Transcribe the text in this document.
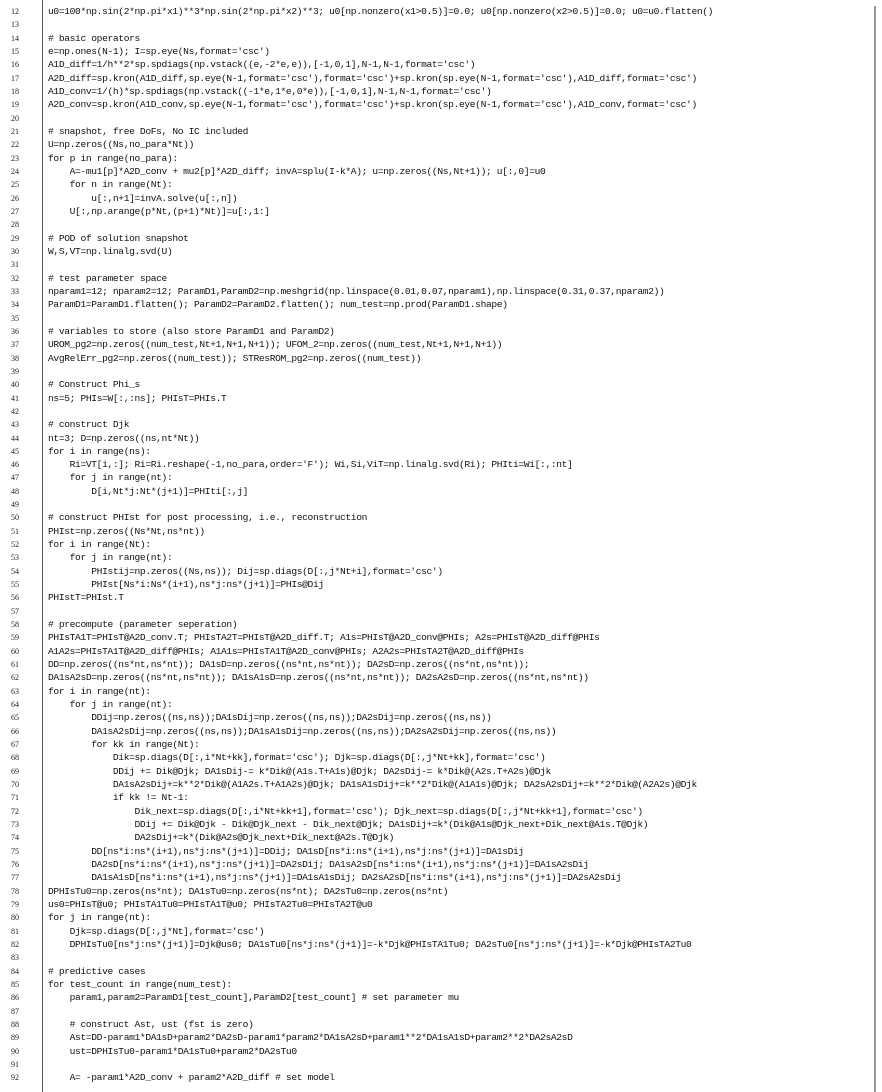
12	u0=100*np.sin(2*np.pi*x1)**3*np.sin(2*np.pi*x2)**3; u0[np.nonzero(x1>0.5)]=0.0; u0[np.nonzero(x2>0.5)]=0.0; u0=u0.flatten()
13
14	# basic operators
15	e=np.ones(N-1); I=sp.eye(Ns,format='csc')
16	A1D_diff=1/h**2*sp.spdiags(np.vstack((e,-2*e,e)),[-1,0,1],N-1,N-1,format='csc')
17	A2D_diff=sp.kron(A1D_diff,sp.eye(N-1,format='csc'),format='csc')+sp.kron(sp.eye(N-1,format='csc'),A1D_diff,format='csc')
18	A1D_conv=1/(h)*sp.spdiags(np.vstack((-1*e,1*e,0*e)),[-1,0,1],N-1,N-1,format='csc')
19	A2D_conv=sp.kron(A1D_conv,sp.eye(N-1,format='csc'),format='csc')+sp.kron(sp.eye(N-1,format='csc'),A1D_conv,format='csc')
20
21	# snapshot, free DoFs, No IC included
22	U=np.zeros((Ns,no_para*Nt))
23	for p in range(no_para):
24	A=-mu1[p]*A2D_conv + mu2[p]*A2D_diff; invA=splu(I-k*A); u=np.zeros((Ns,Nt+1)); u[:,0]=u0
25	for n in range(Nt):
26	u[:,n+1]=invA.solve(u[:,n])
27	U[:,np.arange(p*Nt,(p+1)*Nt)]=u[:,1:]
28
29	# POD of solution snapshot
30	W,S,VT=np.linalg.svd(U)
31
32	# test parameter space
33	nparam1=12; nparam2=12; ParamD1,ParamD2=np.meshgrid(np.linspace(0.01,0.07,nparam1),np.linspace(0.31,0.37,nparam2))
34	ParamD1=ParamD1.flatten(); ParamD2=ParamD2.flatten(); num_test=np.prod(ParamD1.shape)
35
36	# variables to store (also store ParamD1 and ParamD2)
37	UROM_pg2=np.zeros((num_test,Nt+1,N+1,N+1)); UFOM_2=np.zeros((num_test,Nt+1,N+1,N+1))
38	AvgRelErr_pg2=np.zeros((num_test)); STResROM_pg2=np.zeros((num_test))
39
40	# Construct Phi_s
41	ns=5; PHIs=W[:,:ns]; PHIsT=PHIs.T
42
43	# construct Djk
44	nt=3; D=np.zeros((ns,nt*Nt))
45	for i in range(ns):
46	Ri=VT[i,:]; Ri=Ri.reshape(-1,no_para,order='F'); Wi,Si,ViT=np.linalg.svd(Ri); PHIti=Wi[:,:nt]
47	for j in range(nt):
48	D[i,Nt*j:Nt*(j+1)]=PHIti[:,j]
49
50	# construct PHIst for post processing, i.e., reconstruction
51	PHIst=np.zeros((Ns*Nt,ns*nt))
52	for i in range(Nt):
53	for j in range(nt):
54	PHIstij=np.zeros((Ns,ns)); Dij=sp.diags(D[:,j*Nt+i],format='csc')
55	PHIst[Ns*i:Ns*(i+1),ns*j:ns*(j+1)]=PHIs@Dij
56	PHIstT=PHIst.T
57
58	# precompute (parameter seperation)
59	PHIsTA1T=PHIsT@A2D_conv.T; PHIsTA2T=PHIsT@A2D_diff.T; A1s=PHIsT@A2D_conv@PHIs; A2s=PHIsT@A2D_diff@PHIs
60	A1A2s=PHIsTA1T@A2D_diff@PHIs; A1A1s=PHIsTA1T@A2D_conv@PHIs; A2A2s=PHIsTA2T@A2D_diff@PHIs
61	DD=np.zeros((ns*nt,ns*nt)); DA1sD=np.zeros((ns*nt,ns*nt)); DA2sD=np.zeros((ns*nt,ns*nt));
62	DA1sA2sD=np.zeros((ns*nt,ns*nt)); DA1sA1sD=np.zeros((ns*nt,ns*nt)); DA2sA2sD=np.zeros((ns*nt,ns*nt))
63	for i in range(nt):
64	for j in range(nt):
65	DDij=np.zeros((ns,ns));DA1sDij=np.zeros((ns,ns));DA2sDij=np.zeros((ns,ns))
66	DA1sA2sDij=np.zeros((ns,ns));DA1sA1sDij=np.zeros((ns,ns));DA2sA2sDij=np.zeros((ns,ns))
67	for kk in range(Nt):
68	Dik=sp.diags(D[:,i*Nt+kk],format='csc'); Djk=sp.diags(D[:,j*Nt+kk],format='csc')
69	DDij += Dik@Djk; DA1sDij-= k*Dik@(A1s.T+A1s)@Djk; DA2sDij-= k*Dik@(A2s.T+A2s)@Djk
70	DA1sA2sDij+=k**2*Dik@(A1A2s.T+A1A2s)@Djk; DA1sA1sDij+=k**2*Dik@(A1A1s)@Djk; DA2sA2sDij+=k**2*Dik@(A2A2s)@Djk
71	if kk != Nt-1:
72	Dik_next=sp.diags(D[:,i*Nt+kk+1],format='csc'); Djk_next=sp.diags(D[:,j*Nt+kk+1],format='csc')
73	DDij += Dik@Djk - Dik@Djk_next - Dik_next@Djk; DA1sDij+=k*(Dik@A1s@Djk_next+Dik_next@A1s.T@Djk)
74	DA2sDij+=k*(Dik@A2s@Djk_next+Dik_next@A2s.T@Djk)
75	DD[ns*i:ns*(i+1),ns*j:ns*(j+1)]=DDij; DA1sD[ns*i:ns*(i+1),ns*j:ns*(j+1)]=DA1sDij
76	DA2sD[ns*i:ns*(i+1),ns*j:ns*(j+1)]=DA2sDij; DA1sA2sD[ns*i:ns*(i+1),ns*j:ns*(j+1)]=DA1sA2sDij
77	DA1sA1sD[ns*i:ns*(i+1),ns*j:ns*(j+1)]=DA1sA1sDij; DA2sA2sD[ns*i:ns*(i+1),ns*j:ns*(j+1)]=DA2sA2sDij
78	DPHIsTu0=np.zeros(ns*nt); DA1sTu0=np.zeros(ns*nt); DA2sTu0=np.zeros(ns*nt)
79	us0=PHIsT@u0; PHIsTA1Tu0=PHIsTA1T@u0; PHIsTA2Tu0=PHIsTA2T@u0
80	for j in range(nt):
81	Djk=sp.diags(D[:,j*Nt],format='csc')
82	DPHIsTu0[ns*j:ns*(j+1)]=Djk@us0; DA1sTu0[ns*j:ns*(j+1)]=-k*Djk@PHIsTA1Tu0; DA2sTu0[ns*j:ns*(j+1)]=-k*Djk@PHIsTA2Tu0
83
84	# predictive cases
85	for test_count in range(num_test):
86	param1,param2=ParamD1[test_count],ParamD2[test_count] # set parameter mu
87
88	# construct Ast, ust (fst is zero)
89	Ast=DD-param1*DA1sD+param2*DA2sD-param1*param2*DA1sA2sD+param1**2*DA1sA1sD+param2**2*DA2sA2sD
90	ust=DPHIsTu0-param1*DA1sTu0+param2*DA2sTu0
91
92	A= -param1*A2D_conv + param2*A2D_diff # set model
